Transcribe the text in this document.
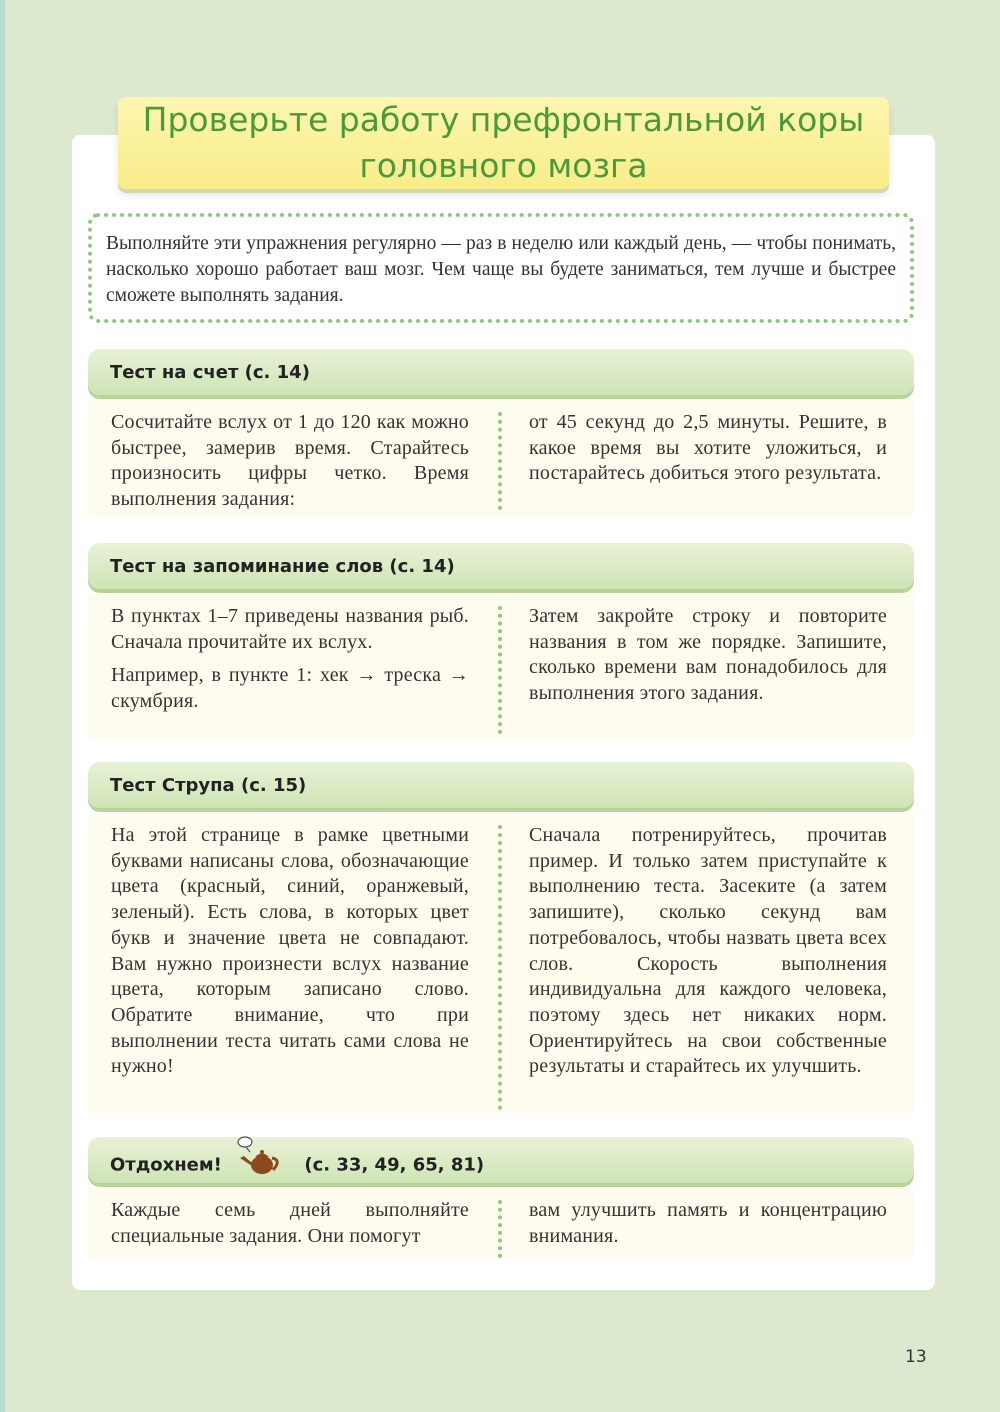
Проверьте работу префронтальной коры
головного мозга
Выполняйте эти упражнения регулярно — раз в неделю или каждый день, — чтобы понимать, насколько хорошо работает ваш мозг. Чем чаще вы будете заниматься, тем лучше и быстрее сможете выполнять задания.
Тест на счет (с. 14)

Сосчитайте вслух от 1 до 120 как можно быстрее, замерив время. Старайтесь произносить цифры четко. Время выполнения задания:

от 45 секунд до 2,5 минуты. Решите, в какое время вы хотите уложиться, и постарайтесь добиться этого результата.

Тест на запоминание слов (с. 14)

В пунктах 1–7 приведены названия рыб. Сначала прочитайте их вслух.

Например, в пункте 1: хек → треска → скумбрия.

Затем закройте строку и повторите названия в том же порядке. Запишите, сколько времени вам понадобилось для выполнения этого задания.

Тест Струпа (с. 15)

На этой странице в рамке цветными буквами написаны слова, обозначающие цвета (красный, синий, оранжевый, зеленый). Есть слова, в которых цвет букв и значение цвета не совпадают. Вам нужно произнести вслух название цвета, которым записано слово. Обратите внимание, что при выполнении теста читать сами слова не нужно!

Сначала потренируйтесь, прочитав пример. И только затем приступайте к выполнению теста. Засеките (а затем запишите), сколько секунд вам потребовалось, чтобы назвать цвета всех слов. Скорость выполнения индивидуальна для каждого человека, поэтому здесь нет никаких норм. Ориентируйтесь на свои собственные результаты и старайтесь их улучшить.

Отдохнем!	(с. 33, 49, 65, 81)

Каждые семь дней выполняйте специальные задания. Они помогут

вам улучшить память и концентрацию внимания.

13
